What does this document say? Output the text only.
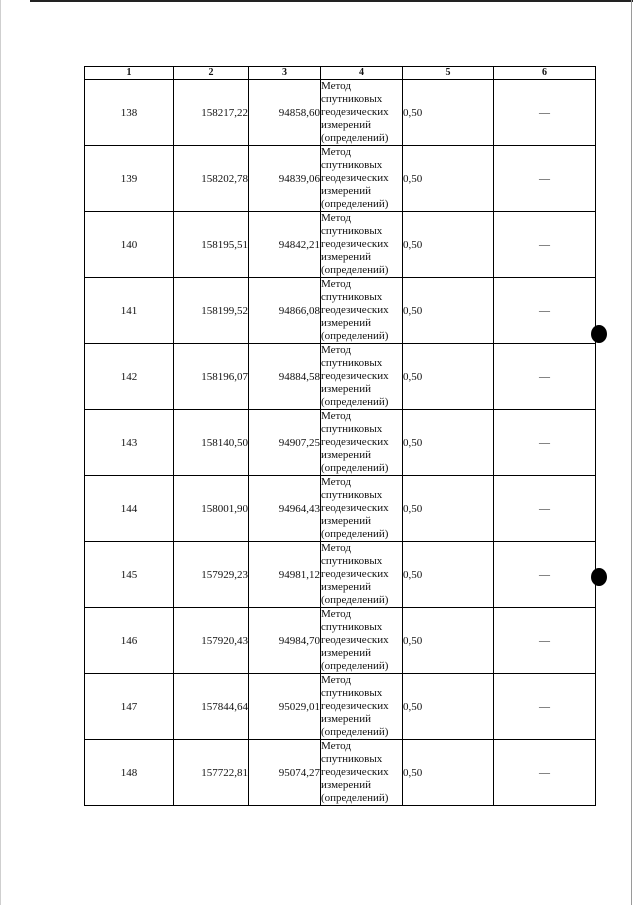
1	2	3	4	5	6
138	158217,22	94858,60	Метод
спутниковых
геодезических
измерений
(определений)	0,50	—
139	158202,78	94839,06	Метод
спутниковых
геодезических
измерений
(определений)	0,50	—
140	158195,51	94842,21	Метод
спутниковых
геодезических
измерений
(определений)	0,50	—
141	158199,52	94866,08	Метод
спутниковых
геодезических
измерений
(определений)	0,50	—
142	158196,07	94884,58	Метод
спутниковых
геодезических
измерений
(определений)	0,50	—
143	158140,50	94907,25	Метод
спутниковых
геодезических
измерений
(определений)	0,50	—
144	158001,90	94964,43	Метод
спутниковых
геодезических
измерений
(определений)	0,50	—
145	157929,23	94981,12	Метод
спутниковых
геодезических
измерений
(определений)	0,50	—
146	157920,43	94984,70	Метод
спутниковых
геодезических
измерений
(определений)	0,50	—
147	157844,64	95029,01	Метод
спутниковых
геодезических
измерений
(определений)	0,50	—
148	157722,81	95074,27	Метод
спутниковых
геодезических
измерений
(определений)	0,50	—
